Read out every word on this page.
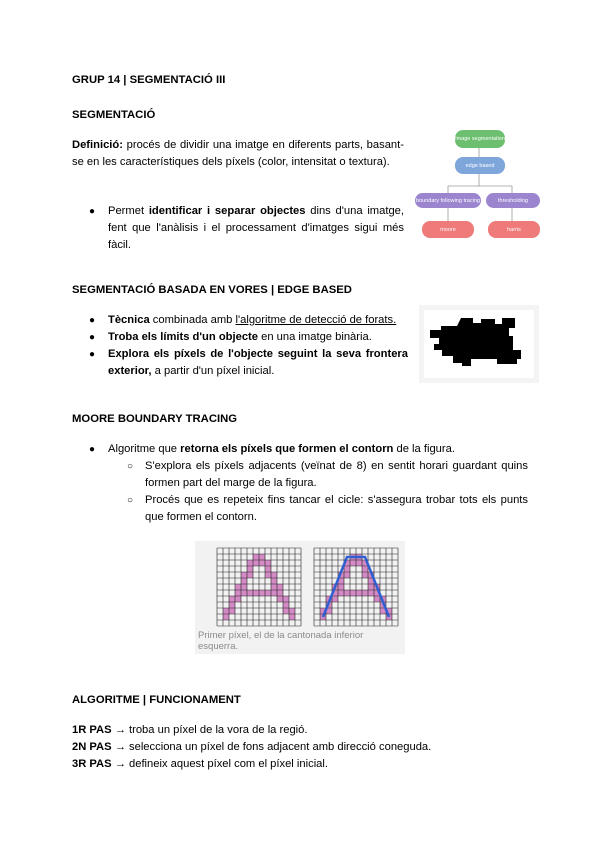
GRUP 14 | SEGMENTACIÓ III
SEGMENTACIÓ
Definició: procés de dividir una imatge en diferents parts, basant-se en les característiques dels píxels (color, intensitat o textura).
● Permet identificar i separar objectes dins d'una imatge, fent que l'anàlisis i el processament d'imatges sigui més fàcil.
Image segmentation
edge based
boundary following tracing	thresholding
moore	harris
SEGMENTACIÓ BASADA EN VORES | EDGE BASED
● Tècnica combinada amb l'algoritme de detecció de forats.
● Troba els límits d'un objecte en una imatge binària.
● Explora els píxels de l'objecte seguint la seva frontera exterior, a partir d'un píxel inicial.
MOORE BOUNDARY TRACING
● Algoritme que retorna els píxels que formen el contorn de la figura.
○ S'explora els píxels adjacents (veïnat de 8) en sentit horari guardant quins formen part del marge de la figura.
○ Procés que es repeteix fins tancar el cicle: s'assegura trobar tots els punts que formen el contorn.
Primer píxel, el de la cantonada inferior esquerra.
ALGORITME | FUNCIONAMENT
1R PAS → troba un píxel de la vora de la regió.
2N PAS → selecciona un píxel de fons adjacent amb direcció coneguda.
3R PAS → defineix aquest píxel com el píxel inicial.
